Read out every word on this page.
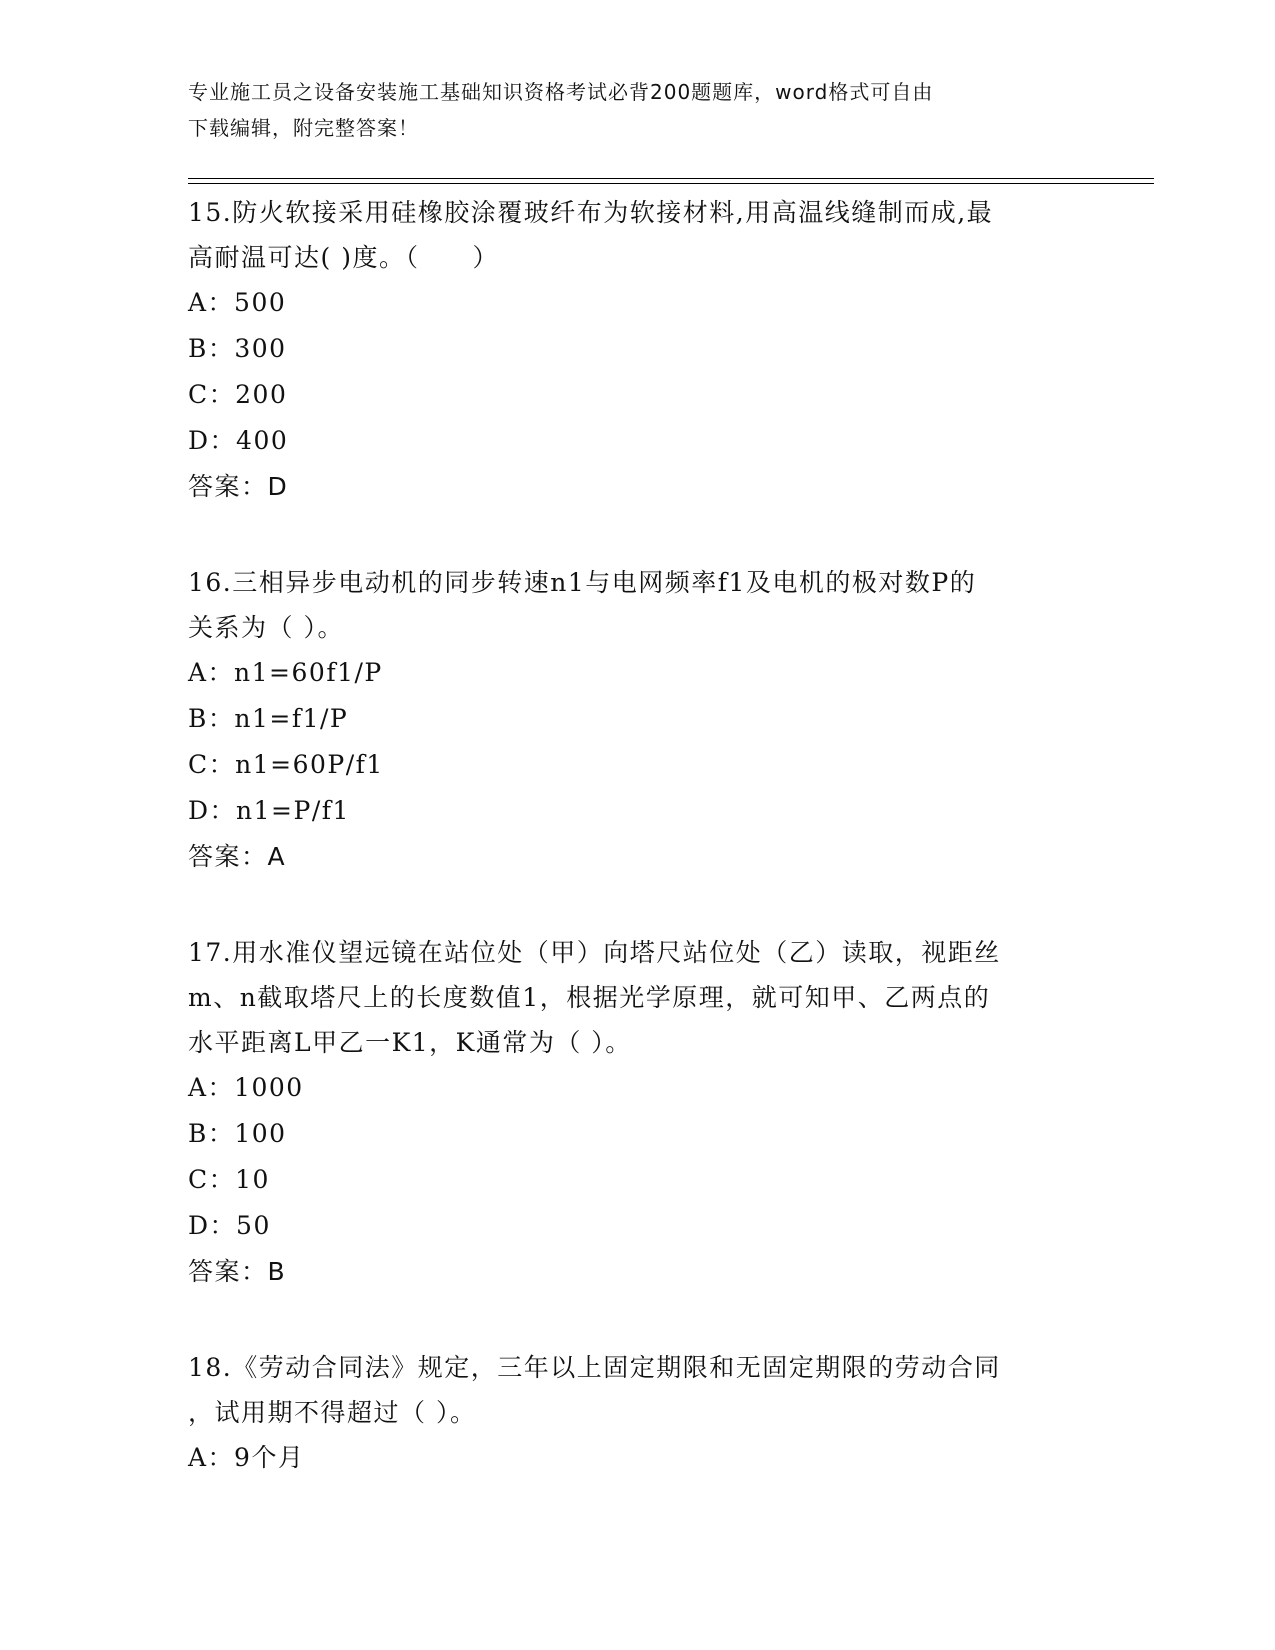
专业施工员之设备安装施工基础知识资格考试必背200题题库，word格式可自由
下载编辑，附完整答案！

15.防火软接采用硅橡胶涂覆玻纤布为软接材料,用高温线缝制而成,最

高耐温可达( )度。（　　）

A：500

B：300

C：200

D：400

答案：D

16.三相异步电动机的同步转速n1与电网频率f1及电机的极对数P的

关系为（ ）。

A：n1=60f1/P

B：n1=f1/P

C：n1=60P/f1

D：n1=P/f1

答案：A

17.用水准仪望远镜在站位处（甲）向塔尺站位处（乙）读取，视距丝

m、n截取塔尺上的长度数值1，根据光学原理，就可知甲、乙两点的

水平距离L甲乙一K1，K通常为（ ）。

A：1000

B：100

C：10

D：50

答案：B

18.《劳动合同法》规定，三年以上固定期限和无固定期限的劳动合同

，试用期不得超过（ ）。

A：9个月
